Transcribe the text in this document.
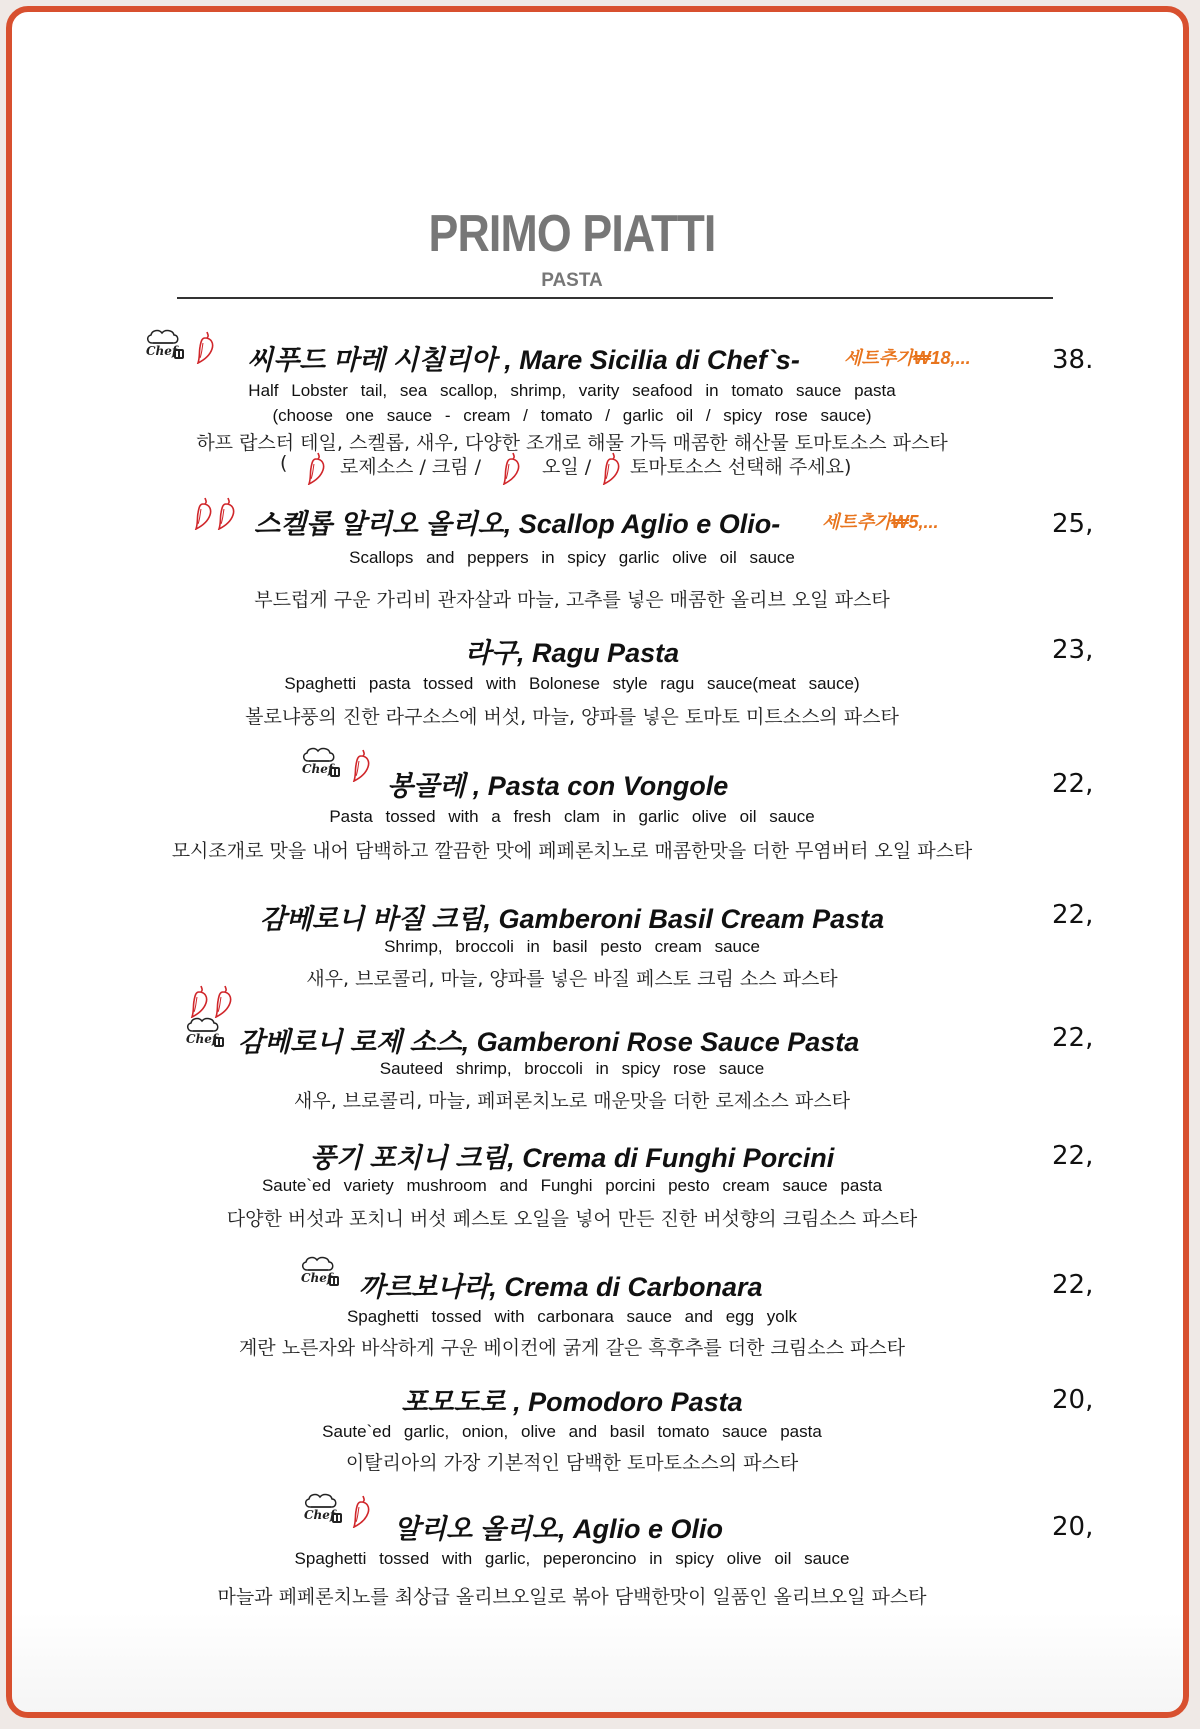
PRIMO PIATTI
PASTA
씨푸드 마레 시칠리아 , Mare Sicilia di Chef`s- 세트추가₩18,...	38.
Half Lobster tail, sea scallop, shrimp, varity seafood in tomato sauce pasta
(choose one sauce - cream / tomato / garlic oil / spicy rose sauce)
하프 랍스터 테일, 스켈롭, 새우, 다양한 조개로 해물 가득 매콤한 해산물 토마토소스 파스타
(	로제소스 / 크림 /	오일 / 토마토소스 선택해 주세요)
스켈롭 알리오 올리오, Scallop Aglio e Olio- 세트추가₩5,...	25,
Scallops and peppers in spicy garlic olive oil sauce
부드럽게 구운 가리비 관자살과 마늘, 고추를 넣은 매콤한 올리브 오일 파스타
라구, Ragu Pasta	23,
Spaghetti pasta tossed with Bolonese style ragu sauce(meat sauce)
볼로냐풍의 진한 라구소스에 버섯, 마늘, 양파를 넣은 토마토 미트소스의 파스타
봉골레 , Pasta con Vongole	22,
Pasta tossed with a fresh clam in garlic olive oil sauce
모시조개로 맛을 내어 담백하고 깔끔한 맛에 페페론치노로 매콤한맛을 더한 무염버터 오일 파스타
감베로니 바질 크림, Gamberoni Basil Cream Pasta	22,
Shrimp, broccoli in basil pesto cream sauce
새우, 브로콜리, 마늘, 양파를 넣은 바질 페스토 크림 소스 파스타
감베로니 로제 소스, Gamberoni Rose Sauce Pasta	22,
Sauteed shrimp, broccoli in spicy rose sauce
새우, 브로콜리, 마늘, 페퍼론치노로 매운맛을 더한 로제소스 파스타
풍기 포치니 크림, Crema di Funghi Porcini	22,
Saute`ed variety mushroom and Funghi porcini pesto cream sauce pasta
다양한 버섯과 포치니 버섯 페스토 오일을 넣어 만든 진한 버섯향의 크림소스 파스타
까르보나라, Crema di Carbonara	22,
Spaghetti tossed with carbonara sauce and egg yolk
계란 노른자와 바삭하게 구운 베이컨에 굵게 갈은 흑후추를 더한 크림소스 파스타
포모도로 , Pomodoro Pasta	20,
Saute`ed garlic, onion, olive and basil tomato sauce pasta
이탈리아의 가장 기본적인 담백한 토마토소스의 파스타
알리오 올리오, Aglio e Olio	20,
Spaghetti tossed with garlic, peperoncino in spicy olive oil sauce
마늘과 페페론치노를 최상급 올리브오일로 볶아 담백한맛이 일품인 올리브오일 파스타
